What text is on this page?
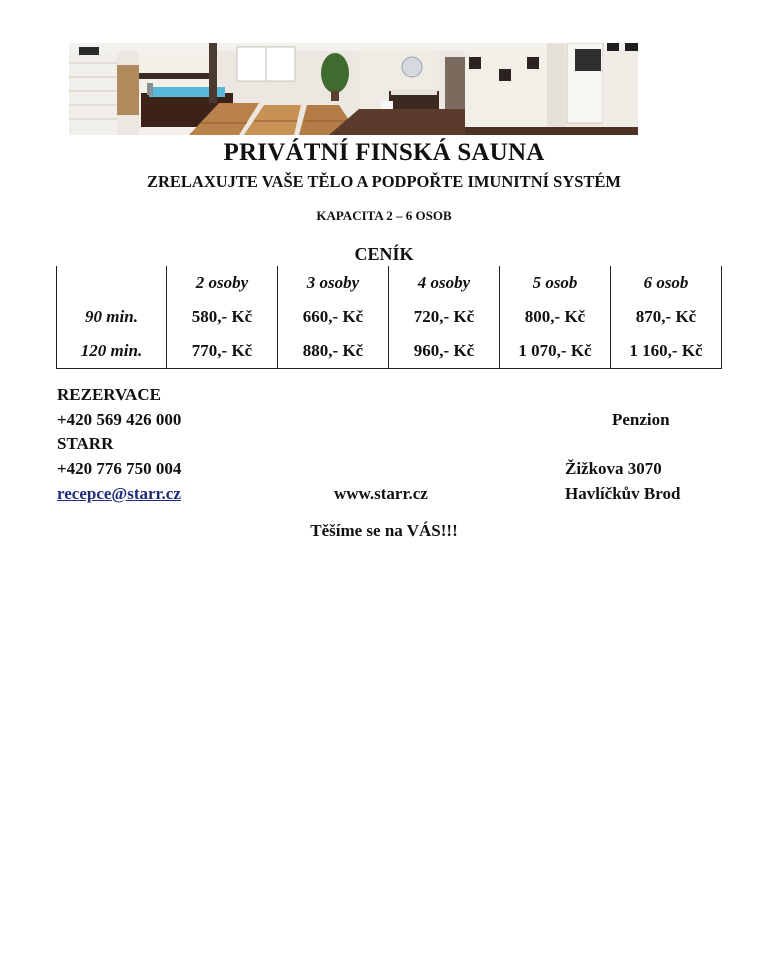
PRIVÁTNÍ FINSKÁ SAUNA
ZRELAXUJTE VAŠE TĚLO A PODPOŘTE IMUNITNÍ SYSTÉM
KAPACITA 2 – 6 OSOB
CENÍK
	2 osoby	3 osoby	4 osoby	5 osob	6 osob
90 min.	580,- Kč	660,- Kč	720,- Kč	800,- Kč	870,- Kč
120 min.	770,- Kč	880,- Kč	960,- Kč	1 070,- Kč	1 160,- Kč
REZERVACE
+420 569 426 000
STARR
+420 776 750 004
recepce@starr.cz	www.starr.cz
Penzion
Žižkova 3070
Havlíčkův Brod
Těšíme se na VÁS!!!
